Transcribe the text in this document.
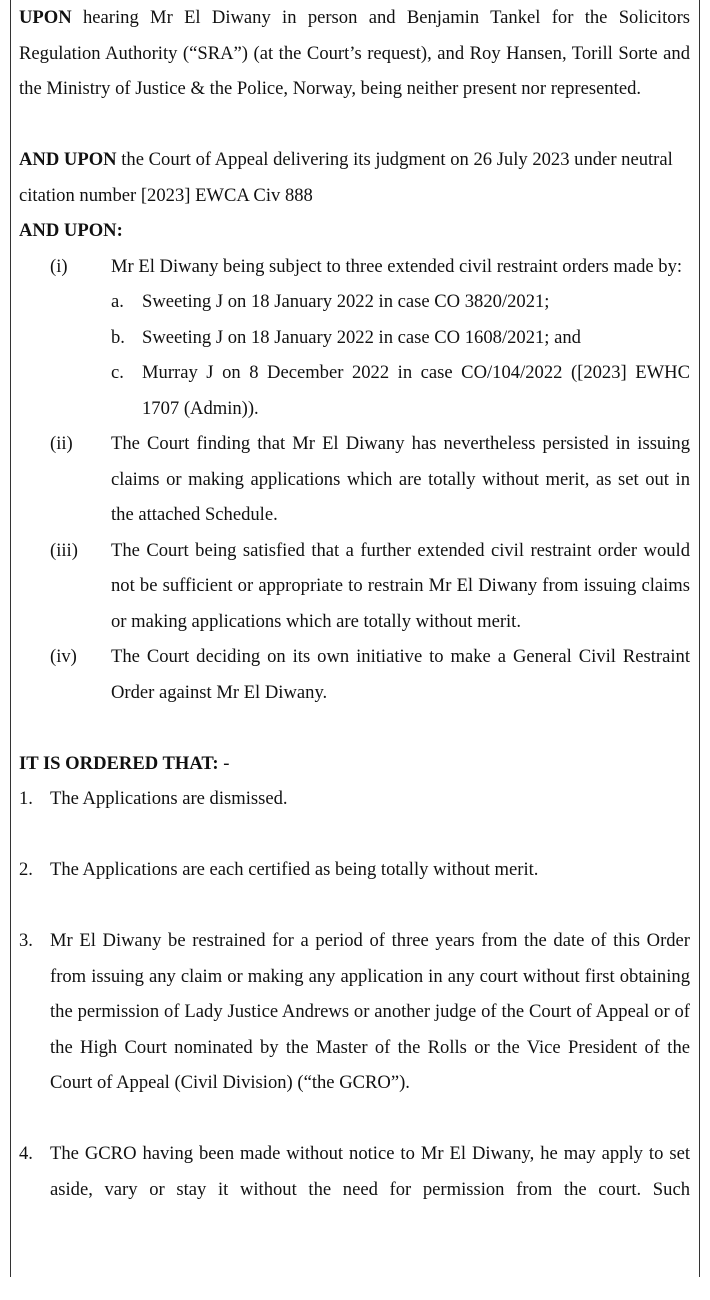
UPON hearing Mr El Diwany in person and Benjamin Tankel for the Solicitors Regulation Authority (“SRA”) (at the Court’s request), and Roy Hansen, Torill Sorte and the Ministry of Justice & the Police, Norway, being neither present nor represented.

AND UPON the Court of Appeal delivering its judgment on 26 July 2023 under neutral citation number [2023] EWCA Civ 888

AND UPON:

(i)	Mr El Diwany being subject to three extended civil restraint orders made by:
a. Sweeting J on 18 January 2022 in case CO 3820/2021;
b. Sweeting J on 18 January 2022 in case CO 1608/2021; and
c. Murray J on 8 December 2022 in case CO/104/2022 ([2023] EWHC 1707 (Admin)).
(ii)	The Court finding that Mr El Diwany has nevertheless persisted in issuing claims or making applications which are totally without merit, as set out in the attached Schedule.
(iii)	The Court being satisfied that a further extended civil restraint order would not be sufficient or appropriate to restrain Mr El Diwany from issuing claims or making applications which are totally without merit.
(iv)	The Court deciding on its own initiative to make a General Civil Restraint Order against Mr El Diwany.

IT IS ORDERED THAT: -

1. The Applications are dismissed.
2. The Applications are each certified as being totally without merit.
3. Mr El Diwany be restrained for a period of three years from the date of this Order from issuing any claim or making any application in any court without first obtaining the permission of Lady Justice Andrews or another judge of the Court of Appeal or of the High Court nominated by the Master of the Rolls or the Vice President of the Court of Appeal (Civil Division) (“the GCRO”).
4. The GCRO having been made without notice to Mr El Diwany, he may apply to set aside, vary or stay it without the need for permission from the court. Such
